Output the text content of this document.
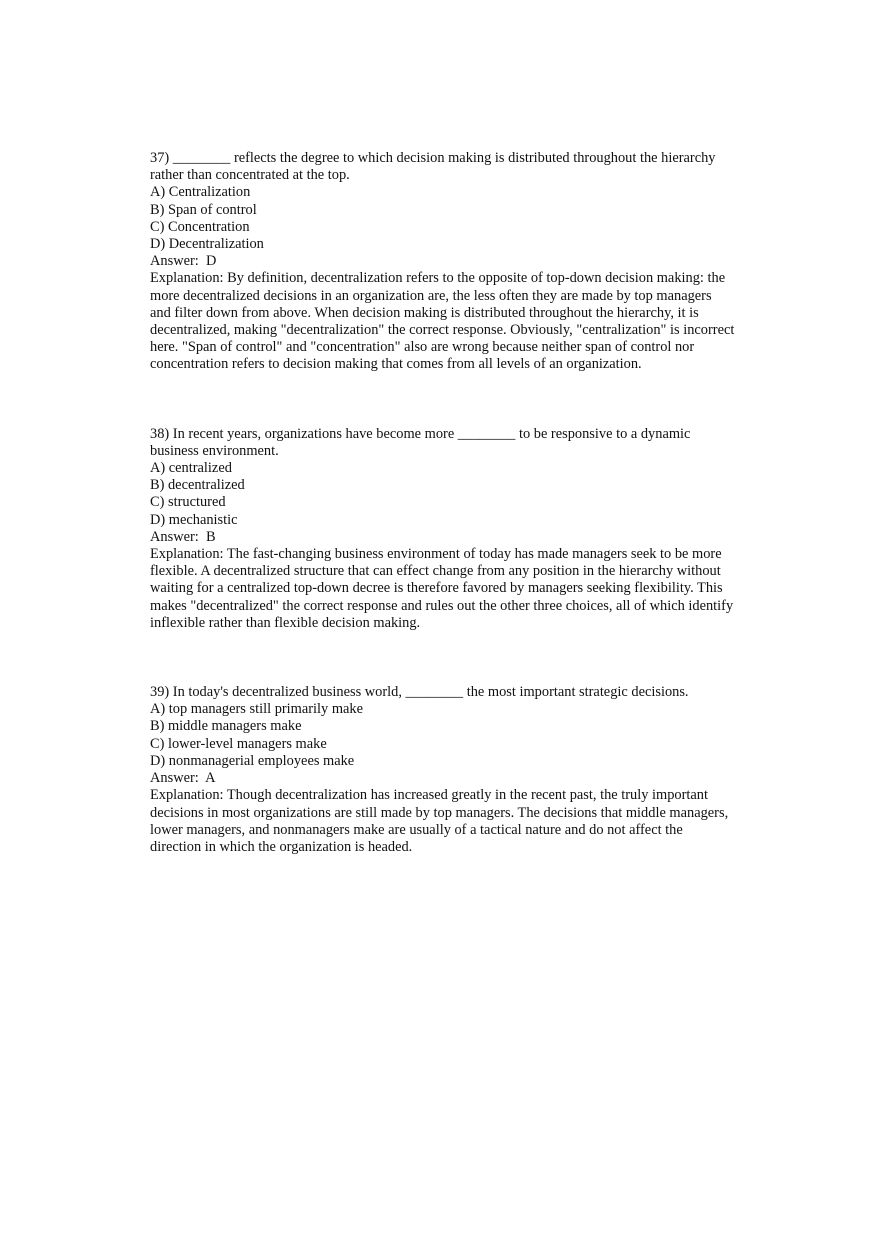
37) ________ reflects the degree to which decision making is distributed throughout the hierarchy rather than concentrated at the top.
A) Centralization
B) Span of control
C) Concentration
D) Decentralization
Answer:  D
Explanation: By definition, decentralization refers to the opposite of top-down decision making: the more decentralized decisions in an organization are, the less often they are made by top managers and filter down from above. When decision making is distributed throughout the hierarchy, it is decentralized, making "decentralization" the correct response. Obviously, "centralization" is incorrect here. "Span of control" and "concentration" also are wrong because neither span of control nor concentration refers to decision making that comes from all levels of an organization.
38) In recent years, organizations have become more ________ to be responsive to a dynamic business environment.
A) centralized
B) decentralized
C) structured
D) mechanistic
Answer:  B
Explanation: The fast-changing business environment of today has made managers seek to be more flexible. A decentralized structure that can effect change from any position in the hierarchy without waiting for a centralized top-down decree is therefore favored by managers seeking flexibility. This makes "decentralized" the correct response and rules out the other three choices, all of which identify inflexible rather than flexible decision making.
39) In today's decentralized business world, ________ the most important strategic decisions.
A) top managers still primarily make
B) middle managers make
C) lower-level managers make
D) nonmanagerial employees make
Answer:  A
Explanation: Though decentralization has increased greatly in the recent past, the truly important decisions in most organizations are still made by top managers. The decisions that middle managers, lower managers, and nonmanagers make are usually of a tactical nature and do not affect the direction in which the organization is headed.
